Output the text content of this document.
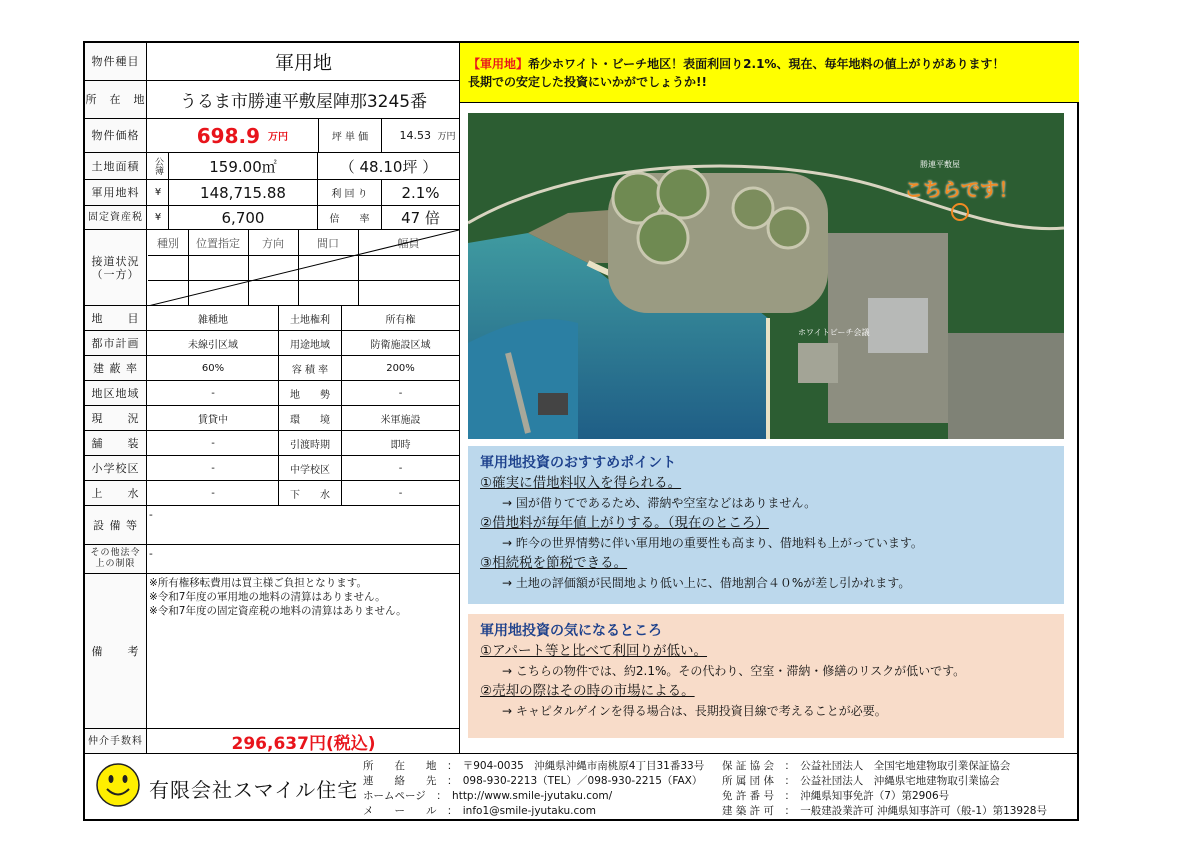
物件種目	軍用地
所　在　地	うるま市勝連平敷屋陣那3245番
物件価格	698.9 万円	坪 単 価	14.53 万円
土地面積	公簿	159.00㎡	（ 48.10坪 ）
軍用地料	¥	148,715.88	利 回 り	2.1%
固定資産税	¥	6,700	倍　　率	47 倍
接道状況（一方）
種別	位置指定	方向	間口	幅員
地　　目	雑種地	土地権利	所有権
都市計画	未線引区域	用途地域	防衛施設区域
建 蔽 率	60%	容 積 率	200%
地区地域	-	地　　勢	-
現　　況	賃貸中	環　　境	米軍施設
舗　　装	-	引渡時期	即時
小学校区	-	中学校区	-
上　　水	-	下　　水	-
設 備 等
-
その他法令上の制限
-
備　　考
※所有権移転費用は買主様ご負担となります。
※令和7年度の軍用地の地料の清算はありません。
※令和7年度の固定資産税の地料の清算はありません。
仲介手数料	296,637円(税込)
【軍用地】希少ホワイト・ビーチ地区！表面利回り2.1%、現在、毎年地料の値上がりがあります！
長期での安定した投資にいかがでしょうか!!
こちらです！
勝連平敷屋
ホワイトビーチ会議
軍用地投資のおすすめポイント
①確実に借地料収入を得られる。
→ 国が借りてであるため、滞納や空室などはありません。
②借地料が毎年値上がりする。（現在のところ）
→ 昨今の世界情勢に伴い軍用地の重要性も高まり、借地料も上がっています。
③相続税を節税できる。
→ 土地の評価額が民間地より低い上に、借地割合４０%が差し引かれます。
軍用地投資の気になるところ
①アパート等と比べて利回りが低い。
→ こちらの物件では、約2.1%。その代わり、空室・滞納・修繕のリスクが低いです。
②売却の際はその時の市場による。
→ キャピタルゲインを得る場合は、長期投資目線で考えることが必要。
有限会社スマイル住宅
所　　在　　地　：　〒904-0035　沖縄県沖縄市南桃原4丁目31番33号
連　　絡　　先　：　098-930-2213（TEL）／098-930-2215（FAX）
ホームページ　：　http://www.smile-jyutaku.com/
メ　　ー　　ル　：　info1@smile-jyutaku.com
保 証 協 会　：　公益社団法人　全国宅地建物取引業保証協会
所 属 団 体　：　公益社団法人　沖縄県宅地建物取引業協会
免 許 番 号　：　沖縄県知事免許（7）第2906号
建 築 許 可　：　一般建設業許可 沖縄県知事許可（般-1）第13928号
